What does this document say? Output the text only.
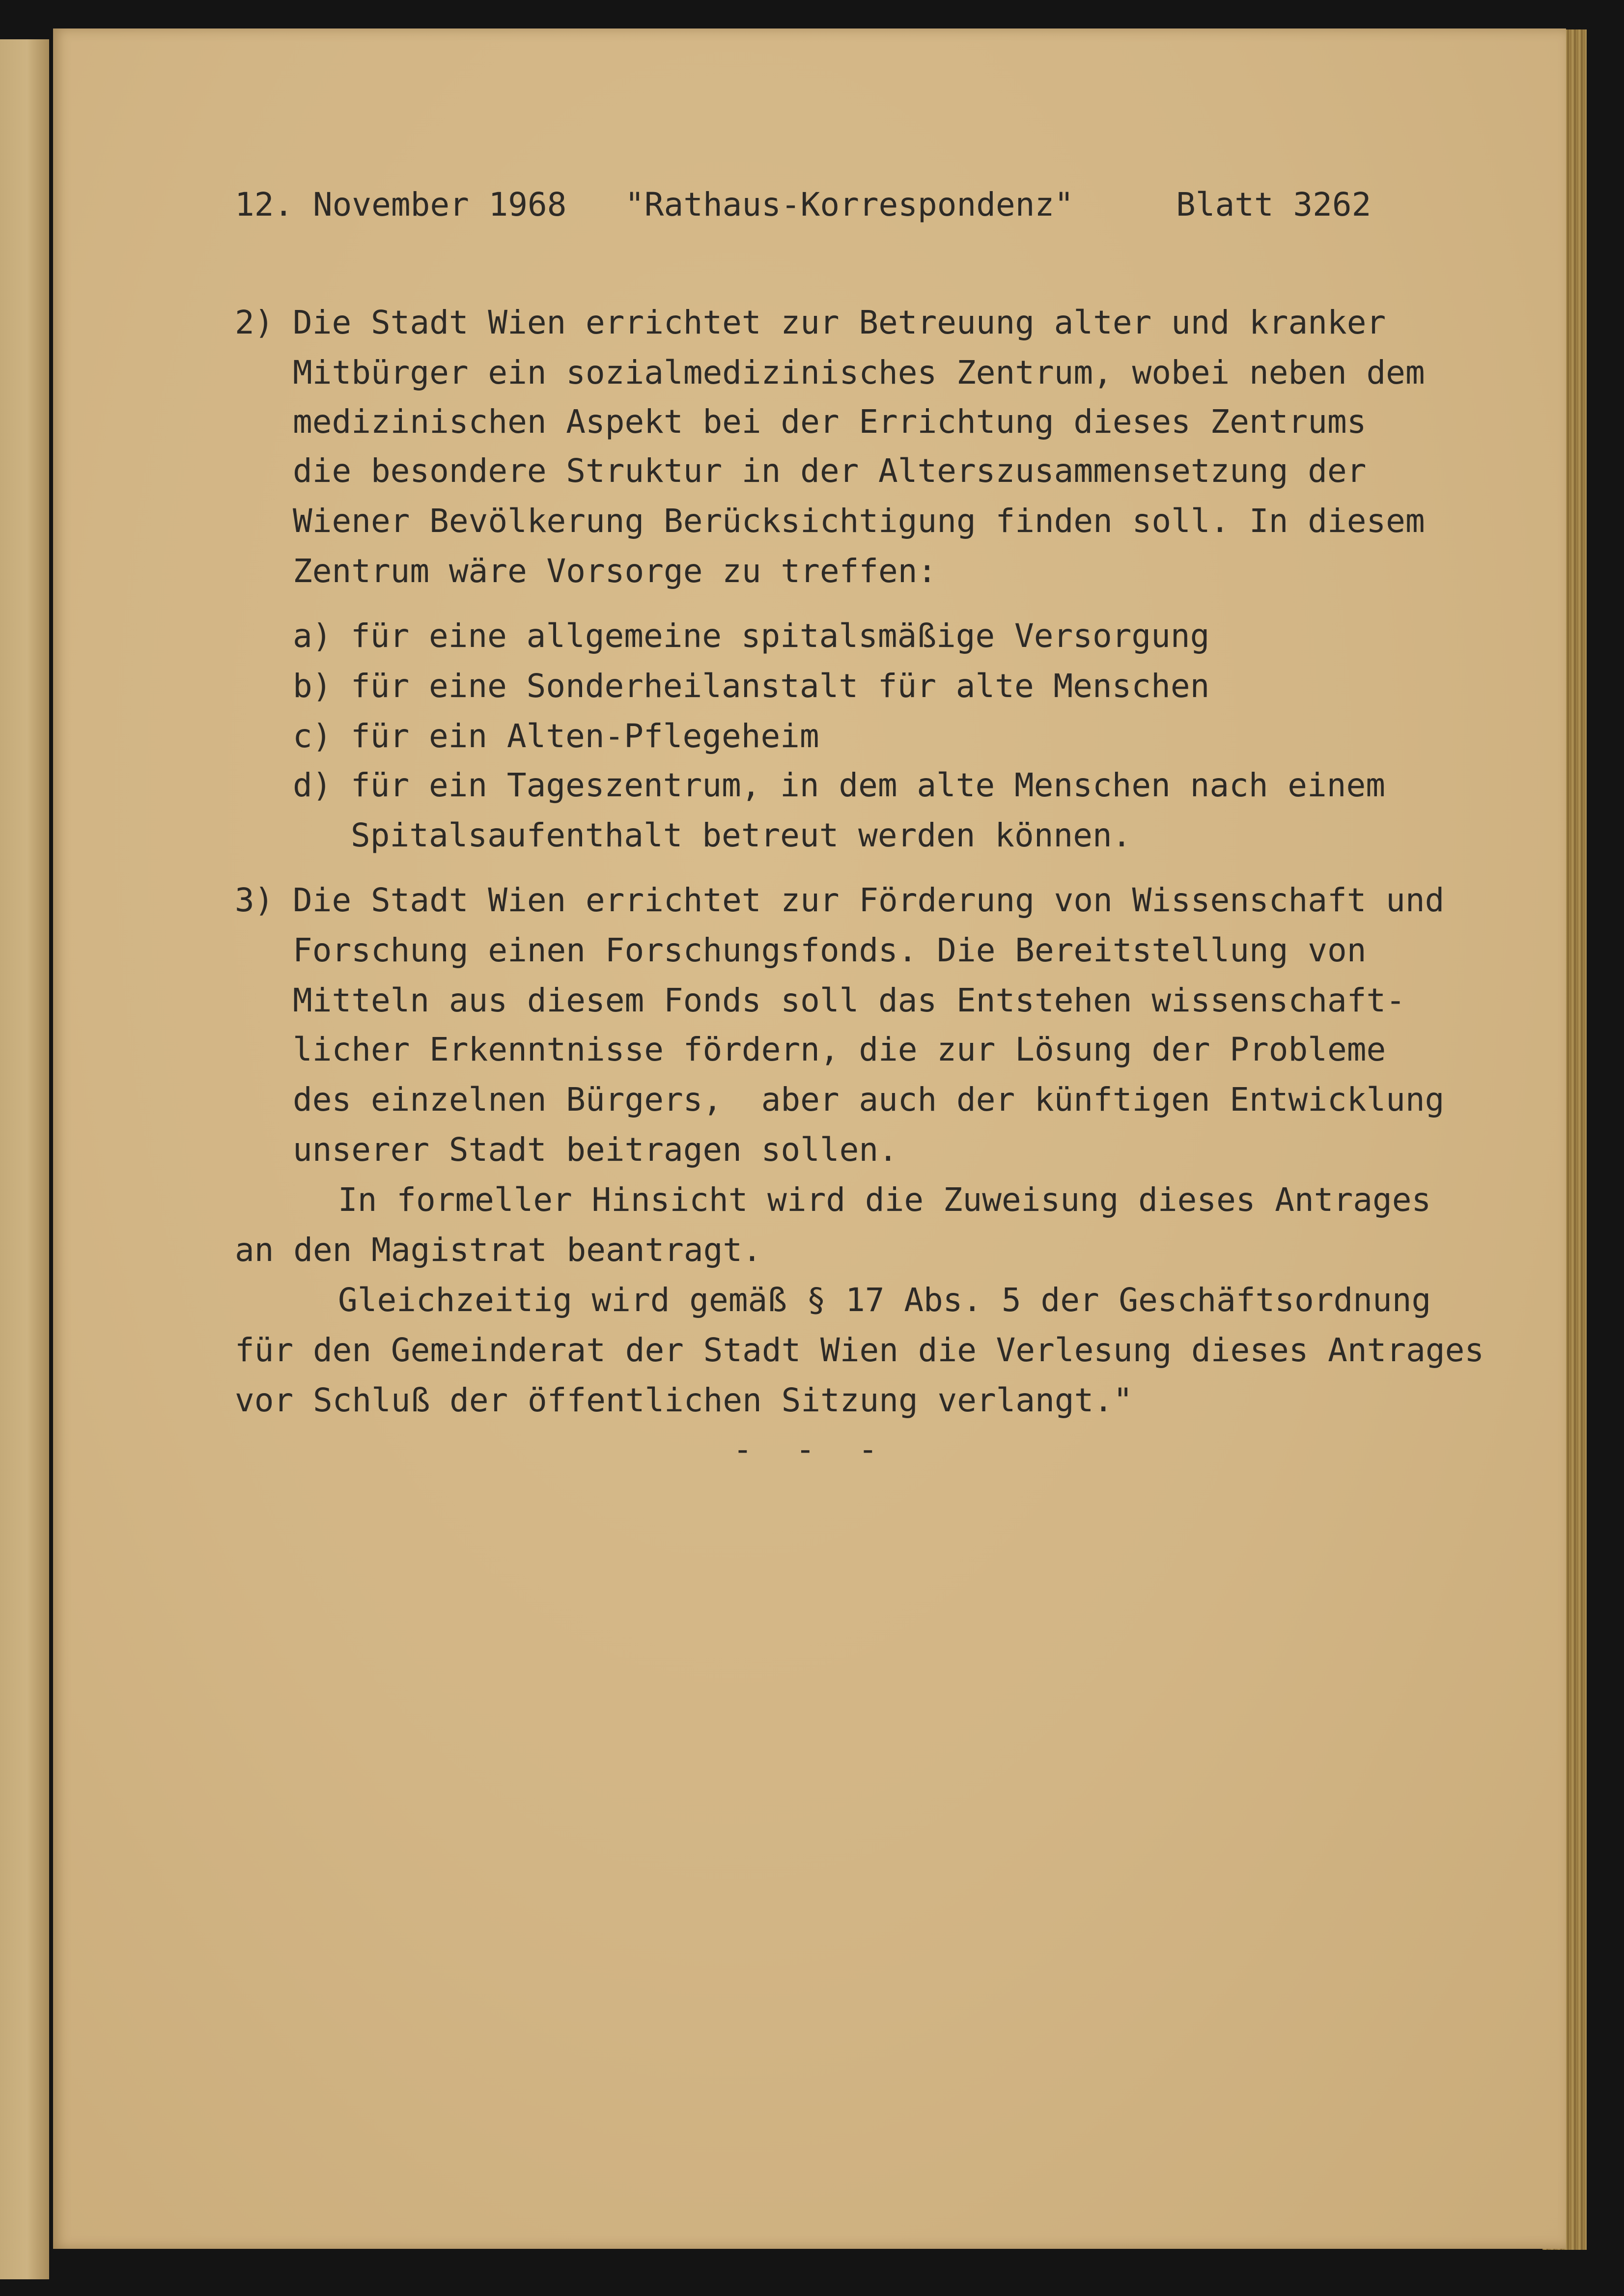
12. November 1968 "Rathaus-Korrespondenz"	Blatt 3262

2) Die Stadt Wien errichtet zur Betreuung alter und kranker

Mitbürger ein sozialmedizinisches Zentrum, wobei neben dem

medizinischen Aspekt bei der Errichtung dieses Zentrums

die besondere Struktur in der Alterszusammensetzung der

Wiener Bevölkerung Berücksichtigung finden soll. In diesem

Zentrum wäre Vorsorge zu treffen:

a) für eine allgemeine spitalsmäßige Versorgung

b) für eine Sonderheilanstalt für alte Menschen

c) für ein Alten-Pflegeheim

d) für ein Tageszentrum, in dem alte Menschen nach einem

Spitalsaufenthalt betreut werden können.

3) Die Stadt Wien errichtet zur Förderung von Wissenschaft und

Forschung einen Forschungsfonds. Die Bereitstellung von

Mitteln aus diesem Fonds soll das Entstehen wissenschaft-

licher Erkenntnisse fördern, die zur Lösung der Probleme

des einzelnen Bürgers,  aber auch der künftigen Entwicklung

unserer Stadt beitragen sollen.

In formeller Hinsicht wird die Zuweisung dieses Antrages

an den Magistrat beantragt.

Gleichzeitig wird gemäß § 17 Abs. 5 der Geschäftsordnung

für den Gemeinderat der Stadt Wien die Verlesung dieses Antrages

vor Schluß der öffentlichen Sitzung verlangt."

- - -
